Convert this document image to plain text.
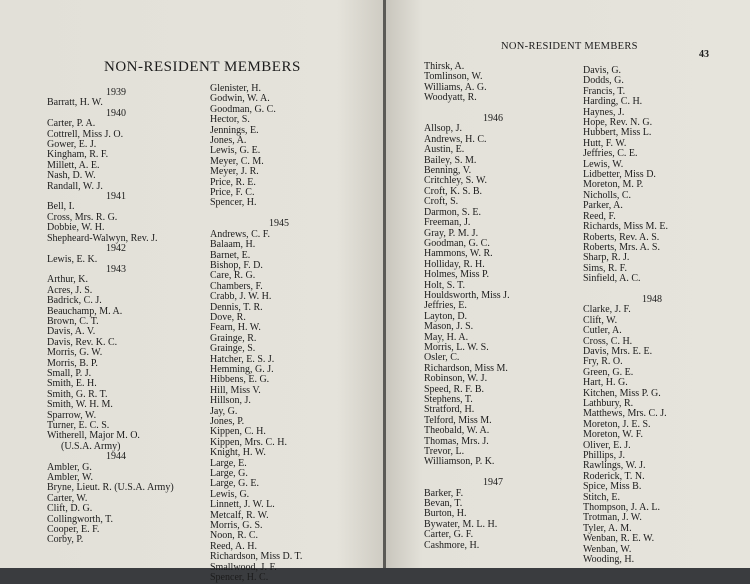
NON-RESIDENT MEMBERS
1939
Barratt, H. W.
1940
Carter, P. A.
Cottrell, Miss J. O.
Gower, E. J.
Kingham, R. F.
Millett, A. E.
Nash, D. W.
Randall, W. J.
1941
Bell, I.
Cross, Mrs. R. G.
Dobbie, W. H.
Shepheard-Walwyn, Rev. J.
1942
Lewis, E. K.
1943
Arthur, K.
Acres, J. S.
Badrick, C. J.
Beauchamp, M. A.
Brown, C. T.
Davis, A. V.
Davis, Rev. K. C.
Morris, G. W.
Morris, B. P.
Small, P. J.
Smith, E. H.
Smith, G. R. T.
Smith, W. H. M.
Sparrow, W.
Turner, E. C. S.
Witherell, Major M. O.
(U.S.A. Army)
1944
Ambler, G.
Ambler, W.
Bryne, Lieut. R. (U.S.A. Army)
Carter, W.
Clift, D. G.
Collingworth, T.
Cooper, E. F.
Corby, P.
Glenister, H.
Godwin, W. A.
Goodman, G. C.
Hector, S.
Jennings, E.
Jones, A.
Lewis, G. E.
Meyer, C. M.
Meyer, J. R.
Price, R. E.
Price, F. C.
Spencer, H.

1945
Andrews, C. F.
Balaam, H.
Barnet, E.
Bishop, F. D.
Care, R. G.
Chambers, F.
Crabb, J. W. H.
Dennis, T. R.
Dove, R.
Fearn, H. W.
Grainge, R.
Grainge, S.
Hatcher, E. S. J.
Hemming, G. J.
Hibbens, E. G.
Hill, Miss V.
Hillson, J.
Jay, G.
Jones, P.
Kippen, C. H.
Kippen, Mrs. C. H.
Knight, H. W.
Large, E.
Large, G.
Large, G. E.
Lewis, G.
Linnett, J. W. L.
Metcalf, R. W.
Morris, G. S.
Noon, R. C.
Reed, A. H.
Richardson, Miss D. T.
Smallwood, J. F.
Spencer, H. C.
NON-RESIDENT MEMBERS
43
Thirsk, A.
Tomlinson, W.
Williams, A. G.
Woodyatt, R.

1946
Allsop, J.
Andrews, H. C.
Austin, E.
Bailey, S. M.
Benning, V.
Critchley, S. W.
Croft, K. S. B.
Croft, S.
Darmon, S. E.
Freeman, J.
Gray, P. M. J.
Goodman, G. C.
Hammons, W. R.
Holliday, R. H.
Holmes, Miss P.
Holt, S. T.
Houldsworth, Miss J.
Jeffries, E.
Layton, D.
Mason, J. S.
May, H. A.
Morris, L. W. S.
Osler, C.
Richardson, Miss M.
Robinson, W. J.
Speed, R. F. B.
Stephens, T.
Stratford, H.
Telford, Miss M.
Theobald, W. A.
Thomas, Mrs. J.
Trevor, L.
Williamson, P. K.

1947
Barker, F.
Bevan, T.
Burton, H.
Bywater, M. L. H.
Carter, G. F.
Cashmore, H.
Davis, G.
Dodds, G.
Francis, T.
Harding, C. H.
Haynes, J.
Hope, Rev. N. G.
Hubbert, Miss L.
Hutt, F. W.
Jeffries, C. E.
Lewis, W.
Lidbetter, Miss D.
Moreton, M. P.
Nicholls, C.
Parker, A.
Reed, F.
Richards, Miss M. E.
Roberts, Rev. A. S.
Roberts, Mrs. A. S.
Sharp, R. J.
Sims, R. F.
Sinfield, A. C.

1948
Clarke, J. F.
Clift, W.
Cutler, A.
Cross, C. H.
Davis, Mrs. E. E.
Fry, R. O.
Green, G. E.
Hart, H. G.
Kitchen, Miss P. G.
Lathbury, R.
Matthews, Mrs. C. J.
Moreton, J. E. S.
Moreton, W. F.
Oliver, E. J.
Phillips, J.
Rawlings, W. J.
Roderick, T. N.
Spice, Miss B.
Stitch, E.
Thompson, J. A. L.
Trotman, J. W.
Tyler, A. M.
Wenban, R. E. W.
Wenban, W.
Wooding, H.
